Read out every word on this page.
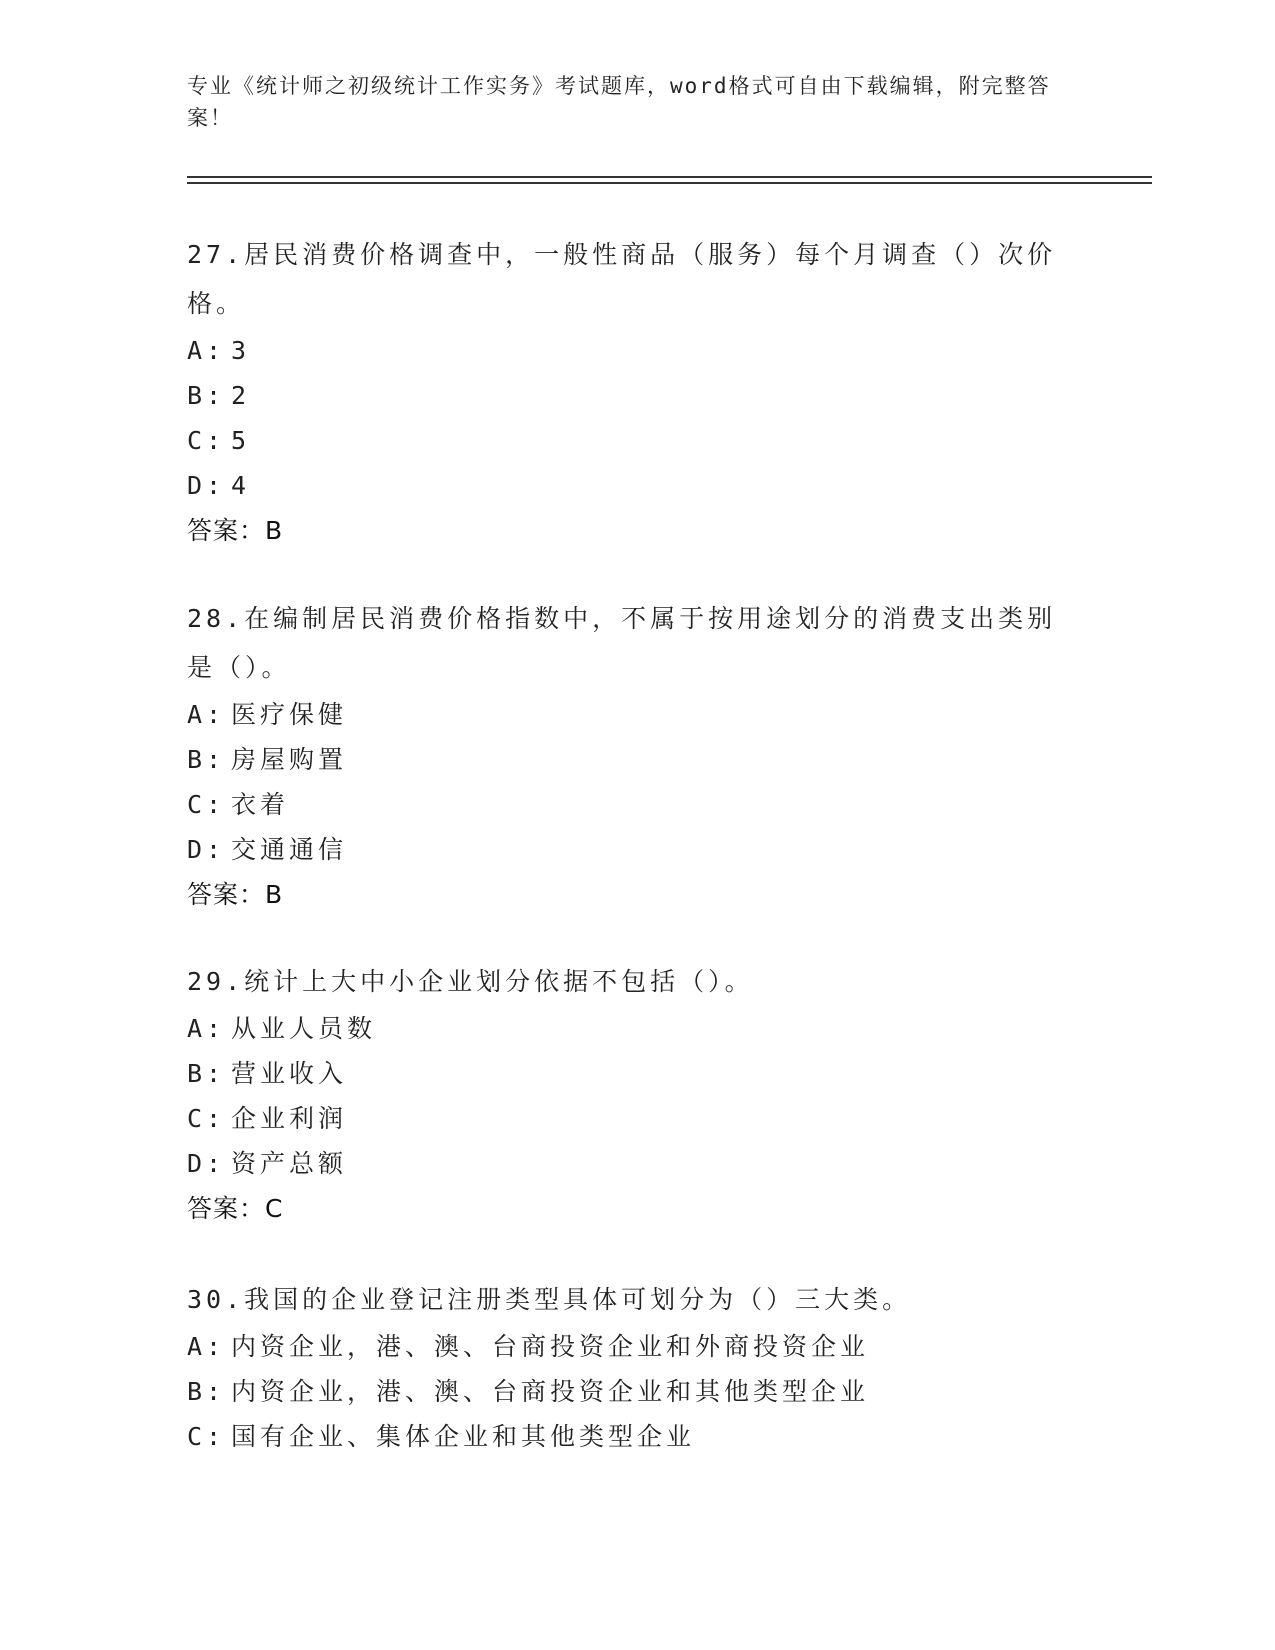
专业《统计师之初级统计工作实务》考试题库，word格式可自由下载编辑，附完整答案！

27.居民消费价格调查中，一般性商品（服务）每个月调查（）次价格。

A: 3
B: 2
C: 5
D: 4
答案：B

28.在编制居民消费价格指数中，不属于按用途划分的消费支出类别是（）。

A: 医疗保健
B: 房屋购置
C: 衣着
D: 交通通信
答案：B

29.统计上大中小企业划分依据不包括（）。

A: 从业人员数
B: 营业收入
C: 企业利润
D: 资产总额
答案：C

30.我国的企业登记注册类型具体可划分为（）三大类。

A: 内资企业，港、澳、台商投资企业和外商投资企业
B: 内资企业，港、澳、台商投资企业和其他类型企业
C: 国有企业、集体企业和其他类型企业
